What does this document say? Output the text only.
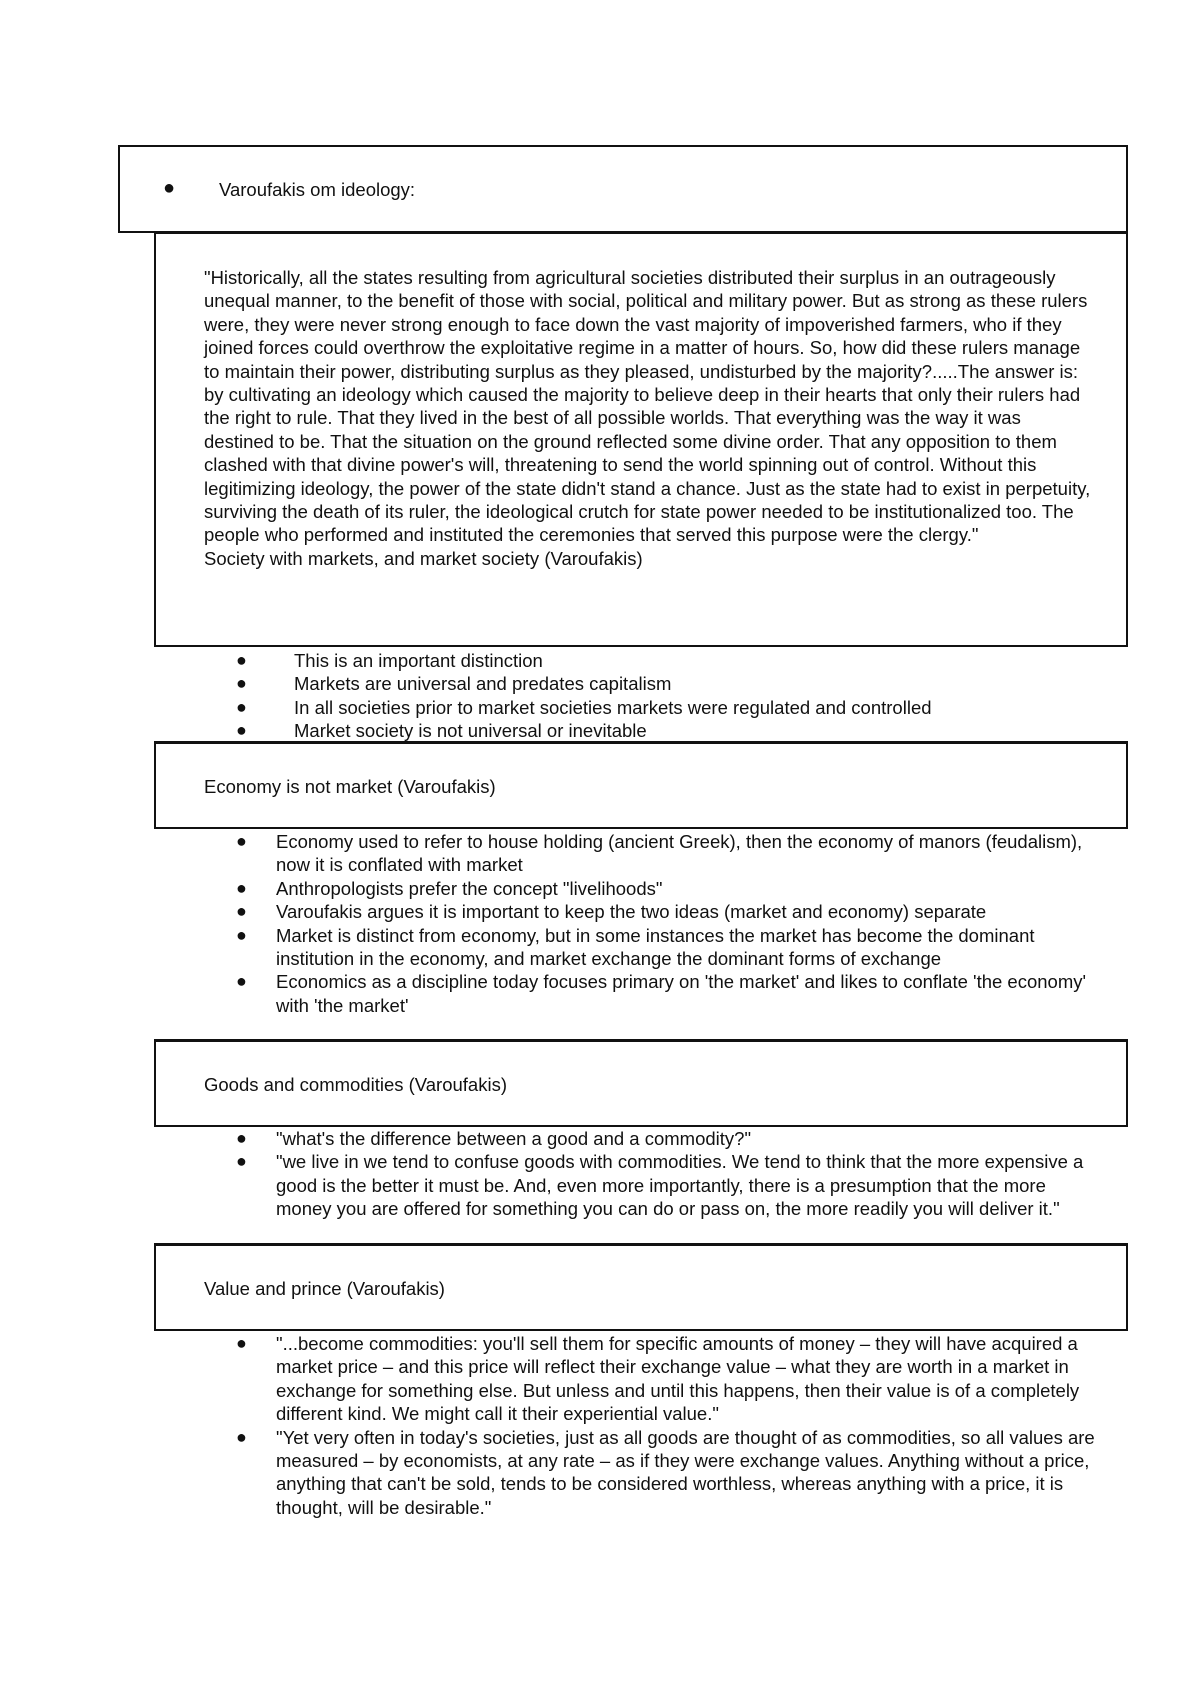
● Varoufakis om ideology:

"Historically, all the states resulting from agricultural societies distributed their surplus in an outrageously unequal manner, to the benefit of those with social, political and military power. But as strong as these rulers were, they were never strong enough to face down the vast majority of impoverished farmers, who if they joined forces could overthrow the exploitative regime in a matter of hours. So, how did these rulers manage to maintain their power, distributing surplus as they pleased, undisturbed by the majority?.....The answer is: by cultivating an ideology which caused the majority to believe deep in their hearts that only their rulers had the right to rule. That they lived in the best of all possible worlds. That everything was the way it was destined to be. That the situation on the ground reflected some divine order. That any opposition to them clashed with that divine power's will, threatening to send the world spinning out of control. Without this legitimizing ideology, the power of the state didn't stand a chance. Just as the state had to exist in perpetuity, surviving the death of its ruler, the ideological crutch for state power needed to be institutionalized too. The people who performed and instituted the ceremonies that served this purpose were the clergy."
Society with markets, and market society (Varoufakis)

●	This is an important distinction
●	Markets are universal and predates capitalism
●	In all societies prior to market societies markets were regulated and controlled
●	Market society is not universal or inevitable
Economy is not market (Varoufakis)
● Economy used to refer to house holding (ancient Greek), then the economy of manors (feudalism), now it is conflated with market
● Anthropologists prefer the concept "livelihoods"
● Varoufakis argues it is important to keep the two ideas (market and economy) separate
● Market is distinct from economy, but in some instances the market has become the dominant institution in the economy, and market exchange the dominant forms of exchange
● Economics as a discipline today focuses primary on 'the market' and likes to conflate 'the economy' with 'the market'
Goods and commodities (Varoufakis)
● "what's the difference between a good and a commodity?"
● "we live in we tend to confuse goods with commodities. We tend to think that the more expensive a good is the better it must be. And, even more importantly, there is a presumption that the more money you are offered for something you can do or pass on, the more readily you will deliver it."
Value and prince (Varoufakis)
● "...become commodities: you'll sell them for specific amounts of money – they will have acquired a market price – and this price will reflect their exchange value – what they are worth in a market in exchange for something else. But unless and until this happens, then their value is of a completely different kind. We might call it their experiential value."
● "Yet very often in today's societies, just as all goods are thought of as commodities, so all values are measured – by economists, at any rate – as if they were exchange values. Anything without a price, anything that can't be sold, tends to be considered worthless, whereas anything with a price, it is thought, will be desirable."
